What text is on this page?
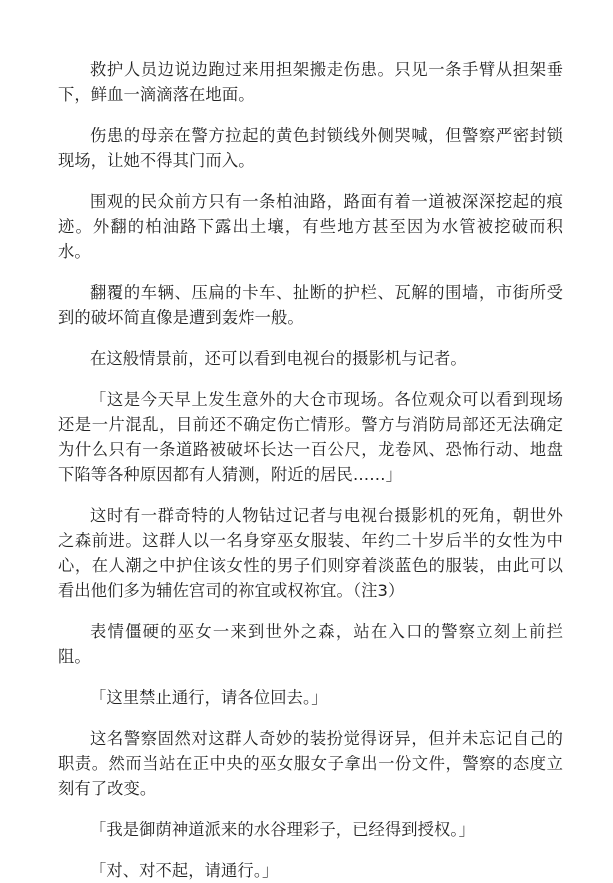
救护人员边说边跑过来用担架搬走伤患。只见一条手臂从担架垂下，鲜血一滴滴落在地面。

伤患的母亲在警方拉起的黄色封锁线外侧哭喊，但警察严密封锁现场，让她不得其门而入。

围观的民众前方只有一条柏油路，路面有着一道被深深挖起的痕迹。外翻的柏油路下露出土壤，有些地方甚至因为水管被挖破而积水。

翻覆的车辆、压扁的卡车、扯断的护栏、瓦解的围墙，市街所受到的破坏简直像是遭到轰炸一般。

在这般情景前，还可以看到电视台的摄影机与记者。

「这是今天早上发生意外的大仓市现场。各位观众可以看到现场还是一片混乱，目前还不确定伤亡情形。警方与消防局部还无法确定为什么只有一条道路被破坏长达一百公尺，龙卷风、恐怖行动、地盘下陷等各种原因都有人猜测，附近的居民……」

这时有一群奇特的人物钻过记者与电视台摄影机的死角，朝世外之森前进。这群人以一名身穿巫女服装、年约二十岁后半的女性为中心，在人潮之中护住该女性的男子们则穿着淡蓝色的服装，由此可以看出他们多为辅佐宫司的祢宜或权祢宜。（注3）

表情僵硬的巫女一来到世外之森，站在入口的警察立刻上前拦阻。

「这里禁止通行，请各位回去。」

这名警察固然对这群人奇妙的装扮觉得讶异，但并未忘记自己的职责。然而当站在正中央的巫女服女子拿出一份文件，警察的态度立刻有了改变。

「我是御荫神道派来的水谷理彩子，已经得到授权。」

「对、对不起，请通行。」
